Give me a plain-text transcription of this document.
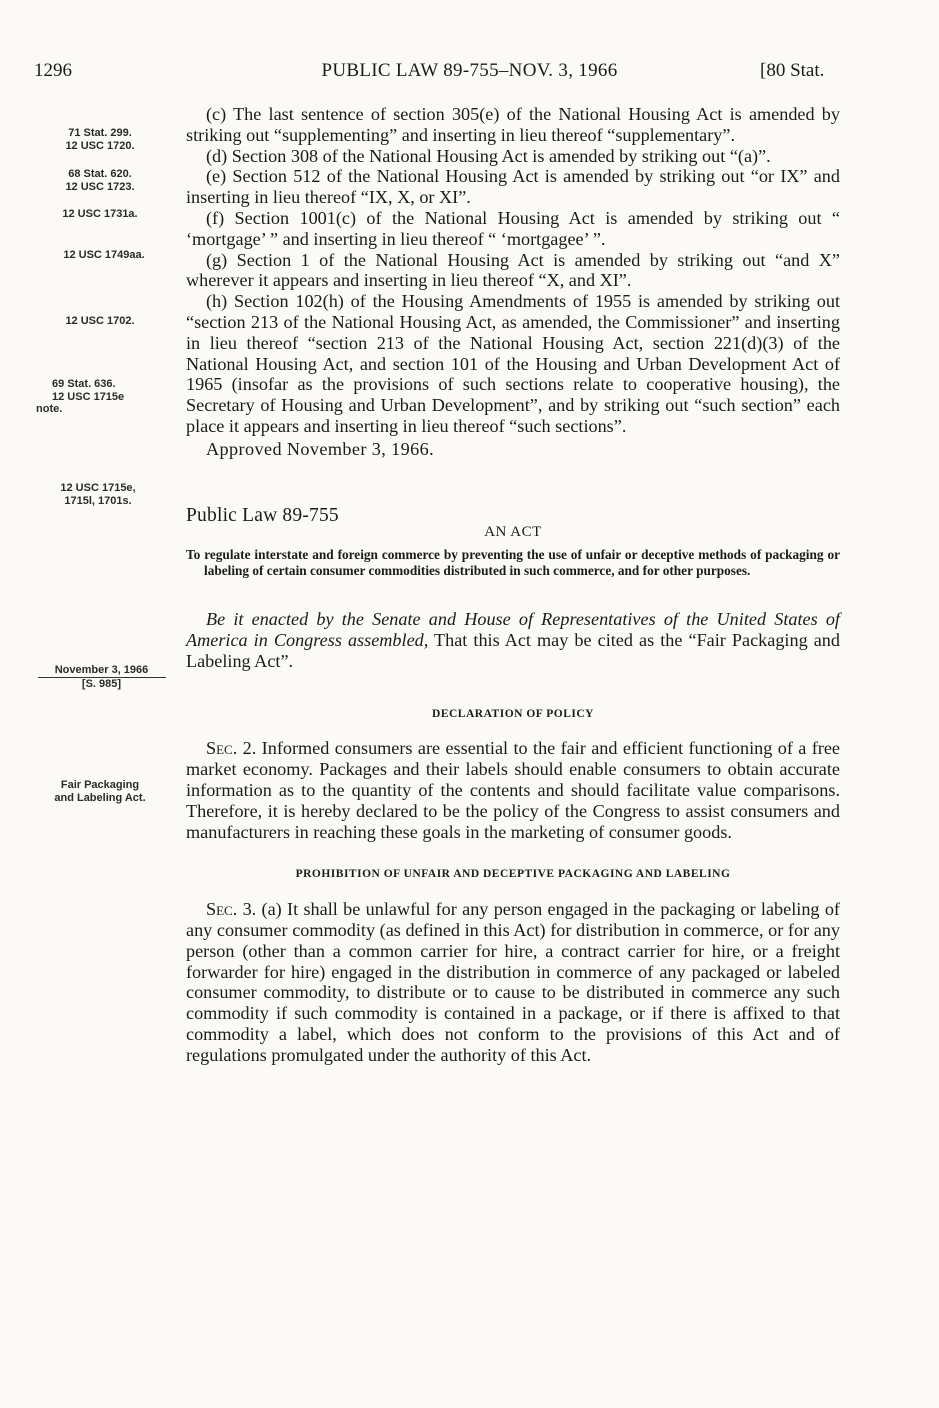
1296	PUBLIC LAW 89-755–NOV. 3, 1966	[80 Stat.
71 Stat. 299.
12 USC 1720.
68 Stat. 620.
12 USC 1723.
12 USC 1731a.
12 USC 1749aa.
12 USC 1702.
69 Stat. 636.
12 USC 1715e
note.
12 USC 1715e,
1715l, 1701s.
Fair Packaging
and Labeling Act.
November 3, 1966
[S. 985]

(c) The last sentence of section 305(e) of the National Housing Act is amended by striking out “supplementing” and inserting in lieu thereof “supplementary”.

(d) Section 308 of the National Housing Act is amended by striking out “(a)”.

(e) Section 512 of the National Housing Act is amended by striking out “or IX” and inserting in lieu thereof “IX, X, or XI”.

(f) Section 1001(c) of the National Housing Act is amended by striking out “ ‘mortgage’ ” and inserting in lieu thereof “ ‘mortgagee’ ”.

(g) Section 1 of the National Housing Act is amended by striking out “and X” wherever it appears and inserting in lieu thereof “X, and XI”.

(h) Section 102(h) of the Housing Amendments of 1955 is amended by striking out “section 213 of the National Housing Act, as amended, the Commissioner” and inserting in lieu thereof “section 213 of the National Housing Act, section 221(d)(3) of the National Housing Act, and section 101 of the Housing and Urban Development Act of 1965 (insofar as the provisions of such sections relate to cooperative housing), the Secretary of Housing and Urban Development”, and by striking out “such section” each place it appears and inserting in lieu thereof “such sections”.

Approved November 3, 1966.

Public Law 89-755

AN ACT

To regulate interstate and foreign commerce by preventing the use of unfair or deceptive methods of packaging or labeling of certain consumer commodities distributed in such commerce, and for other purposes.

Be it enacted by the Senate and House of Representatives of the United States of America in Congress assembled, That this Act may be cited as the “Fair Packaging and Labeling Act”.

DECLARATION OF POLICY

Sec. 2. Informed consumers are essential to the fair and efficient functioning of a free market economy. Packages and their labels should enable consumers to obtain accurate information as to the quantity of the contents and should facilitate value comparisons. Therefore, it is hereby declared to be the policy of the Congress to assist consumers and manufacturers in reaching these goals in the marketing of consumer goods.

PROHIBITION OF UNFAIR AND DECEPTIVE PACKAGING AND LABELING

Sec. 3. (a) It shall be unlawful for any person engaged in the packaging or labeling of any consumer commodity (as defined in this Act) for distribution in commerce, or for any person (other than a common carrier for hire, a contract carrier for hire, or a freight forwarder for hire) engaged in the distribution in commerce of any packaged or labeled consumer commodity, to distribute or to cause to be distributed in commerce any such commodity if such commodity is contained in a package, or if there is affixed to that commodity a label, which does not conform to the provisions of this Act and of regulations promulgated under the authority of this Act.
